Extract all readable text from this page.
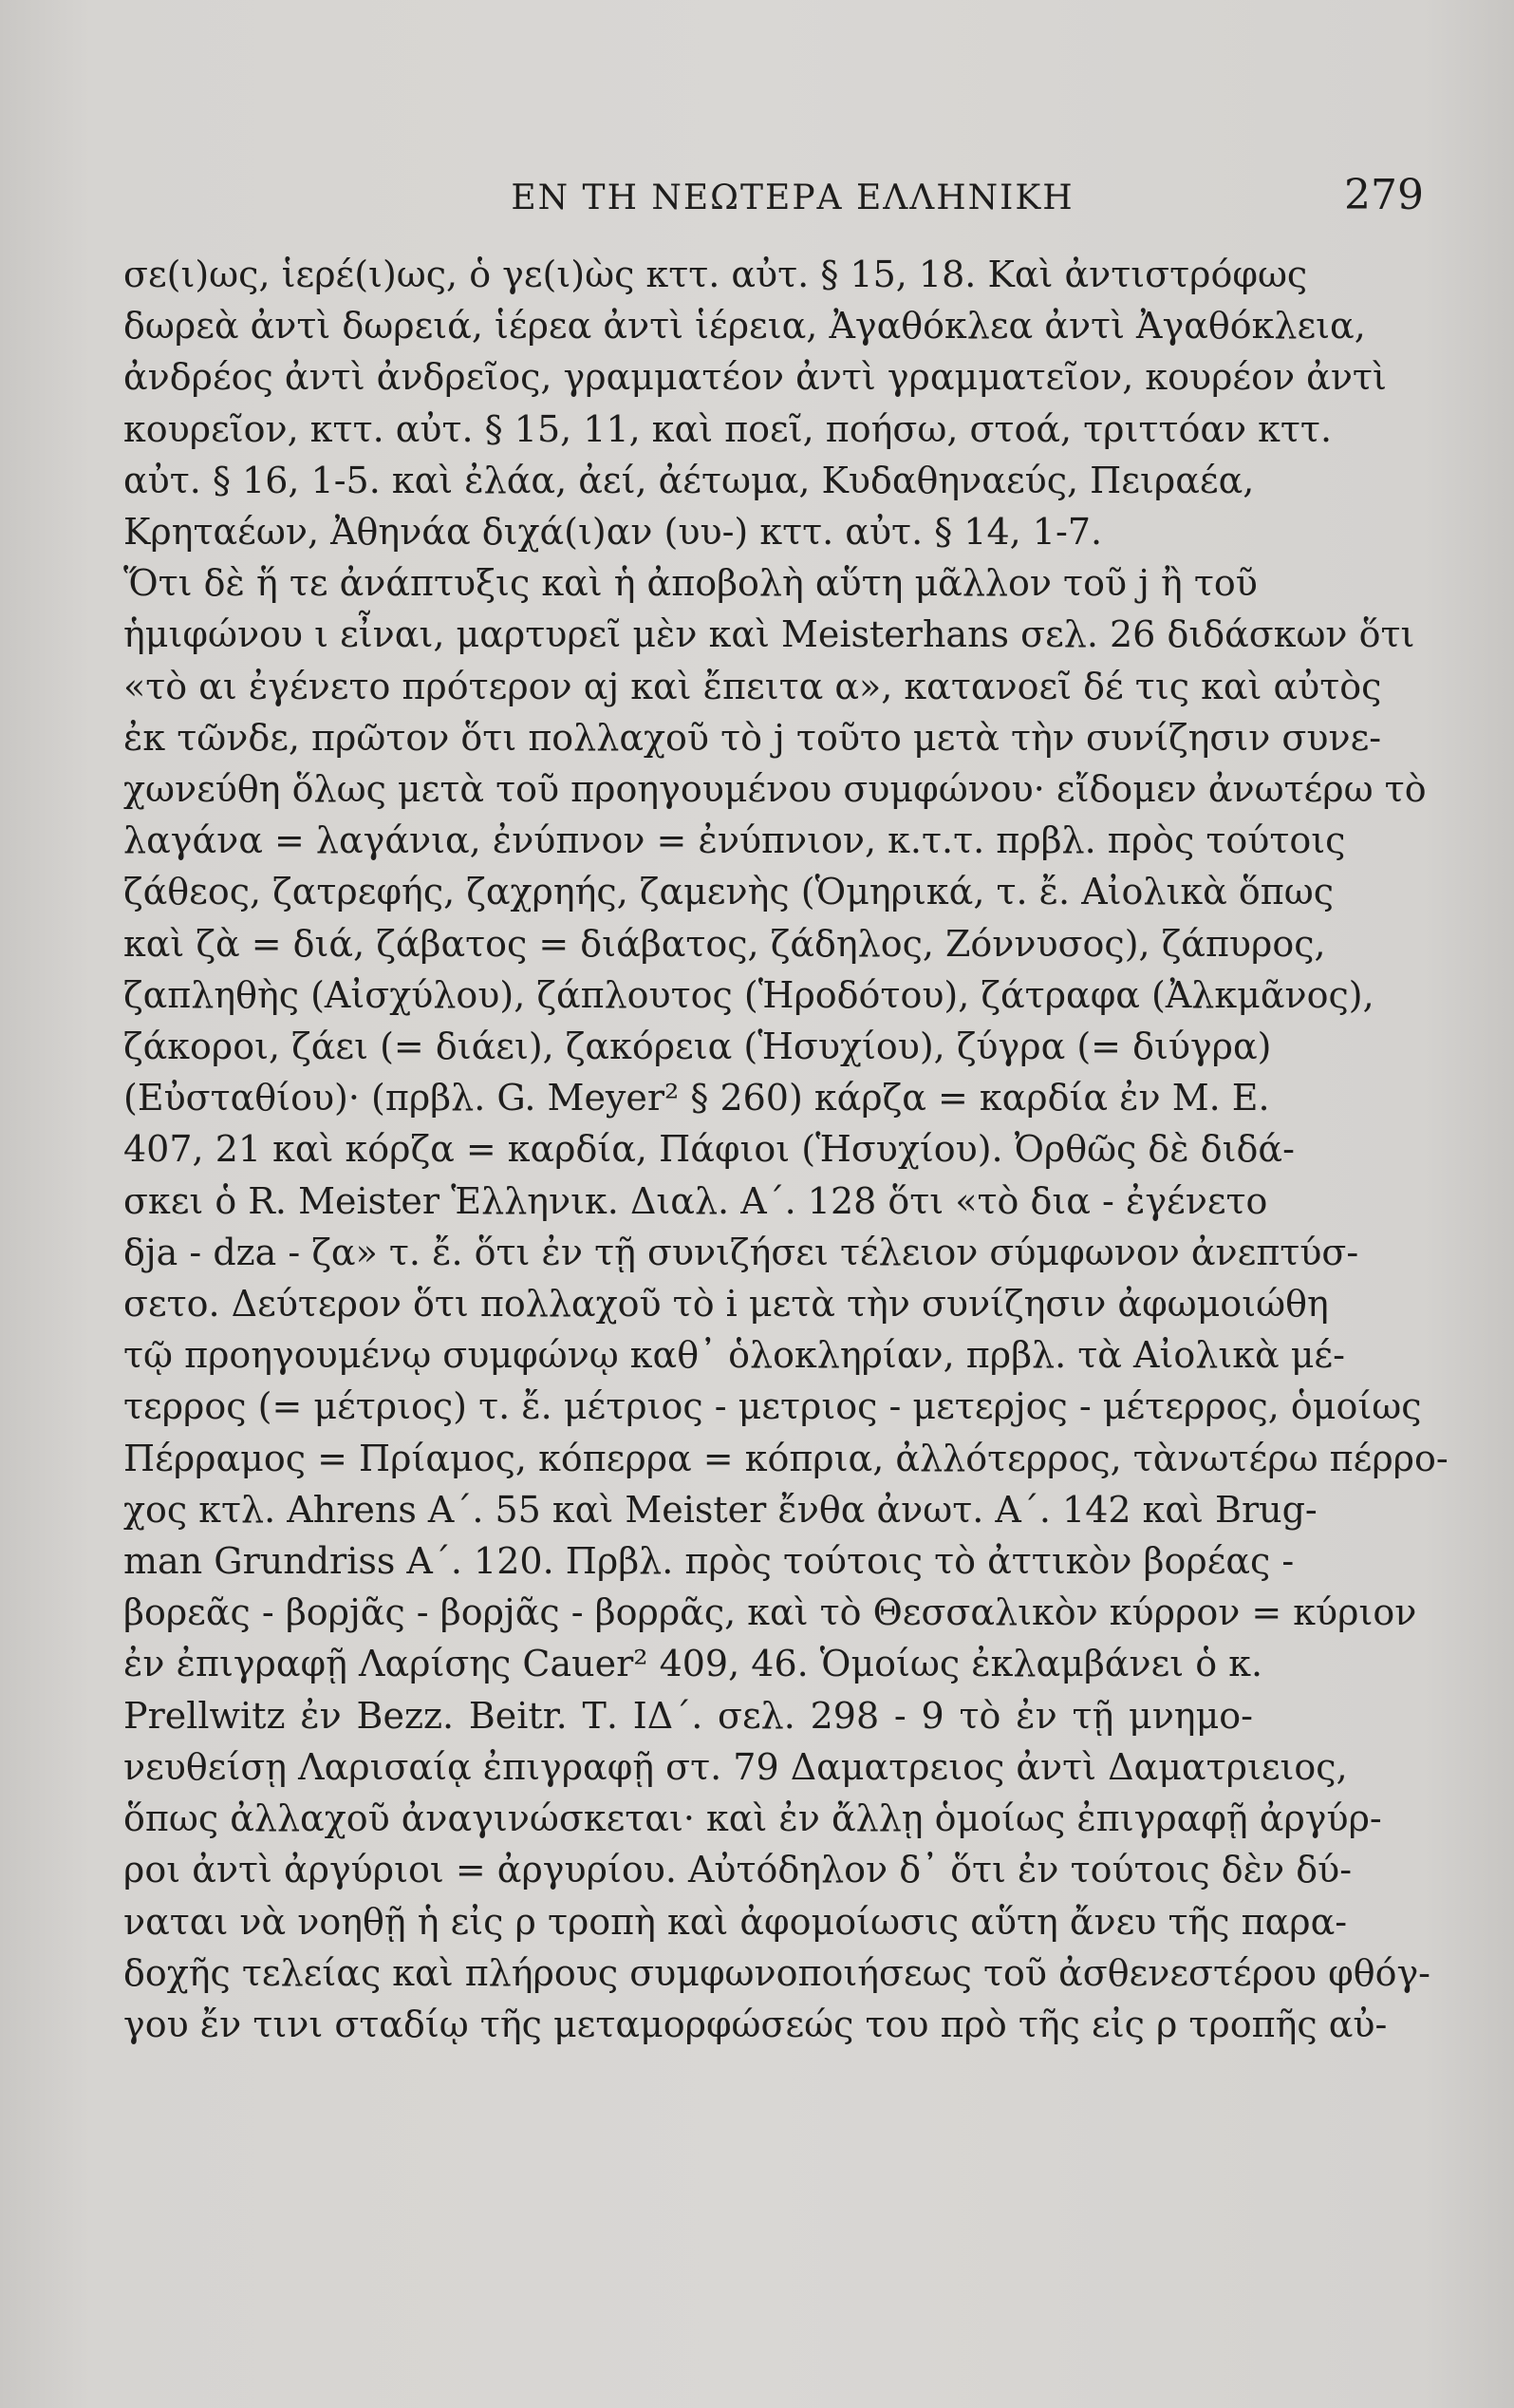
ΕΝ ΤΗ ΝΕΩΤΕΡΑ ΕΛΛΗΝΙΚΗ	279
σε(ι)ως, ἱερέ(ι)ως, ὁ γε(ι)ὼς κττ. αὐτ. § 15, 18. Καὶ ἀντιστρόφως
δωρεὰ ἀντὶ δωρειά, ἱέρεα ἀντὶ ἱέρεια, Ἀγαθόκλεα ἀντὶ Ἀγαθόκλεια,
ἀνδρέος ἀντὶ ἀνδρεῖος, γραμματέον ἀντὶ γραμματεῖον, κουρέον ἀντὶ
κουρεῖον, κττ. αὐτ. § 15, 11, καὶ ποεῖ, ποήσω, στοά, τριττόαν κττ.
αὐτ. § 16, 1-5. καὶ ἐλάα, ἀεί, ἀέτωμα, Κυδαθηναεύς, Πειραέα,
Κρηταέων, Ἀθηνάα διχά(ι)αν (υυ-) κττ. αὐτ. § 14, 1-7.
Ὅτι δὲ ἥ τε ἀνάπτυξις καὶ ἡ ἀποβολὴ αὕτη μᾶλλον τοῦ j ἢ τοῦ
ἡμιφώνου ι εἶναι, μαρτυρεῖ μὲν καὶ Meisterhans σελ. 26 διδάσκων ὅτι
«τὸ αι ἐγένετο πρότερον αj καὶ ἔπειτα α», κατανοεῖ δέ τις καὶ αὐτὸς
ἐκ τῶνδε, πρῶτον ὅτι πολλαχοῦ τὸ j τοῦτο μετὰ τὴν συνίζησιν συνε-
χωνεύθη ὅλως μετὰ τοῦ προηγουμένου συμφώνου· εἴδομεν ἀνωτέρω τὸ
λαγάνα = λαγάνια, ἐνύπνον = ἐνύπνιον, κ.τ.τ. πρβλ. πρὸς τούτοις
ζάθεος, ζατρεφής, ζαχρηής, ζαμενὴς (Ὁμηρικά, τ. ἔ. Αἰολικὰ ὅπως
καὶ ζὰ = διά, ζάβατος = διάβατος, ζάδηλος, Ζόννυσος), ζάπυρος,
ζαπληθὴς (Αἰσχύλου), ζάπλουτος (Ἡροδότου), ζάτραφα (Ἀλκμᾶνος),
ζάκοροι, ζάει (= διάει), ζακόρεια (Ἡσυχίου), ζύγρα (= διύγρα)
(Εὐσταθίου)· (πρβλ. G. Meyer² § 260) κάρζα = καρδία ἐν Μ. Ε.
407, 21 καὶ κόρζα = καρδία, Πάφιοι (Ἡσυχίου). Ὀρθῶς δὲ διδά-
σκει ὁ R. Meister Ἑλληνικ. Διαλ. Α΄. 128 ὅτι «τὸ δια - ἐγένετο
δja - dza - ζα» τ. ἔ. ὅτι ἐν τῇ συνιζήσει τέλειον σύμφωνον ἀνεπτύσ-
σετο. Δεύτερον ὅτι πολλαχοῦ τὸ i μετὰ τὴν συνίζησιν ἀφωμοιώθη
τῷ προηγουμένῳ συμφώνῳ καθ᾽ ὁλοκληρίαν, πρβλ. τὰ Αἰολικὰ μέ-
τερρος (= μέτριος) τ. ἔ. μέτριος - μετριος - μετερjος - μέτερρος, ὁμοίως
Πέρραμος = Πρίαμος, κόπερρα = κόπρια, ἀλλότερρος, τὰνωτέρω πέρρο-
χος κτλ. Ahrens Α΄. 55 καὶ Meister ἔνθα ἀνωτ. Α΄. 142 καὶ Brug-
man Grundriss Α΄. 120. Πρβλ. πρὸς τούτοις τὸ ἀττικὸν βορέας -
βορεᾶς - βορjᾶς - βορjᾶς - βορρᾶς, καὶ τὸ Θεσσαλικὸν κύρρον = κύριον
ἐν ἐπιγραφῇ Λαρίσης Cauer² 409, 46. Ὁμοίως ἐκλαμβάνει ὁ κ.
Prellwitz ἐν Bezz. Beitr. Τ. ΙΔ΄. σελ. 298 - 9 τὸ ἐν τῇ μνημο-
νευθείσῃ Λαρισαίᾳ ἐπιγραφῇ στ. 79 Δαματρειος ἀντὶ Δαματριειος,
ὅπως ἀλλαχοῦ ἀναγινώσκεται· καὶ ἐν ἄλλῃ ὁμοίως ἐπιγραφῇ ἀργύρ-
ροι ἀντὶ ἀργύριοι = ἀργυρίου. Αὐτόδηλον δ᾽ ὅτι ἐν τούτοις δὲν δύ-
ναται νὰ νοηθῇ ἡ εἰς ρ τροπὴ καὶ ἀφομοίωσις αὕτη ἄνευ τῆς παρα-
δοχῆς τελείας καὶ πλήρους συμφωνοποιήσεως τοῦ ἀσθενεστέρου φθόγ-
γου ἔν τινι σταδίῳ τῆς μεταμορφώσεώς του πρὸ τῆς εἰς ρ τροπῆς αὐ-
